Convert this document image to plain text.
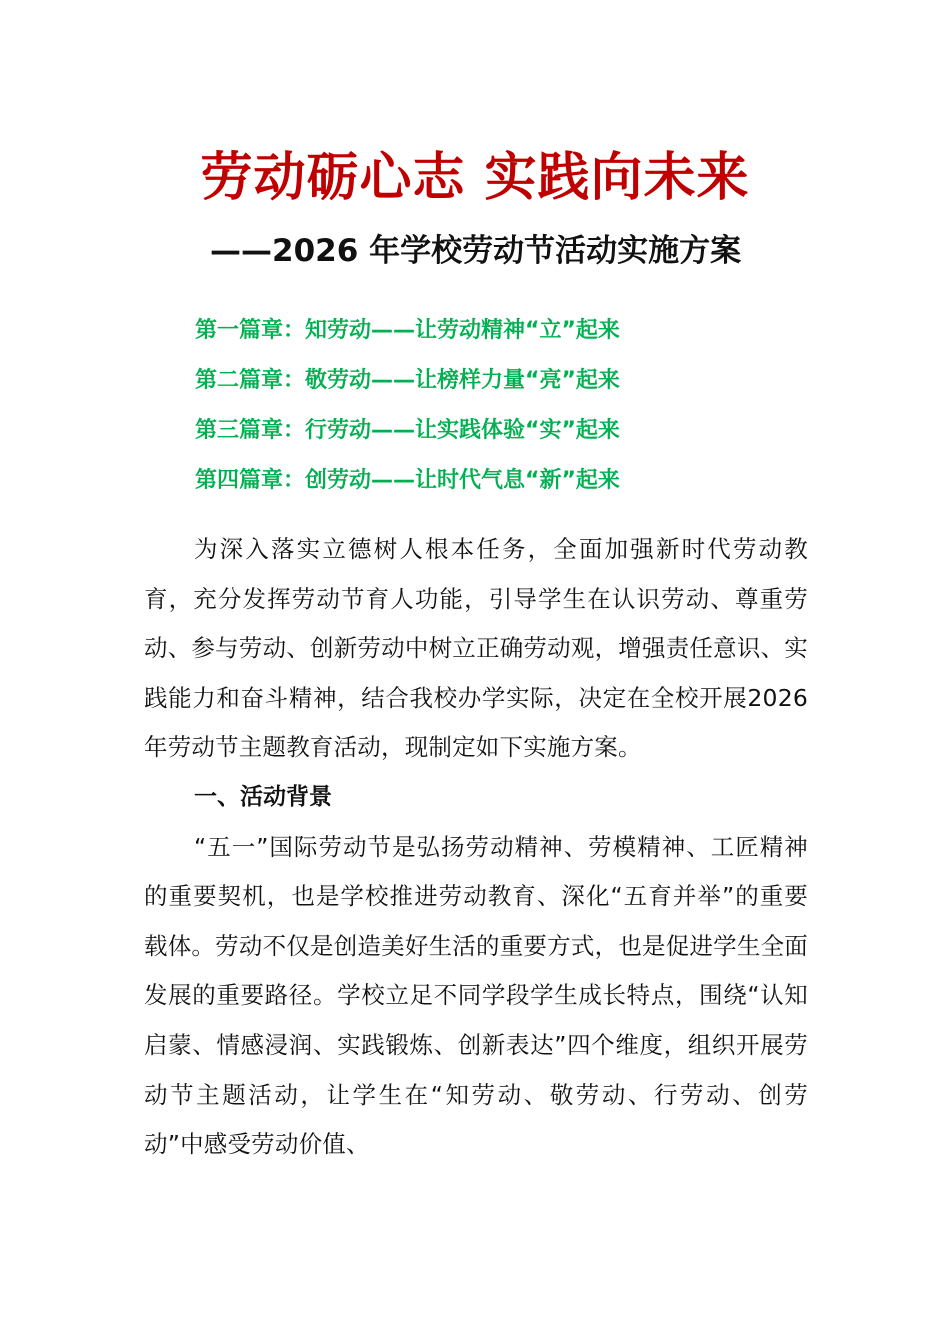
劳动砺心志 实践向未来
——2026 年学校劳动节活动实施方案
第一篇章：知劳动——让劳动精神“立”起来
第二篇章：敬劳动——让榜样力量“亮”起来
第三篇章：行劳动——让实践体验“实”起来
第四篇章：创劳动——让时代气息“新”起来

为深入落实立德树人根本任务，全面加强新时代劳动教育，充分发挥劳动节育人功能，引导学生在认识劳动、尊重劳动、参与劳动、创新劳动中树立正确劳动观，增强责任意识、实践能力和奋斗精神，结合我校办学实际，决定在全校开展2026 年劳动节主题教育活动，现制定如下实施方案。

一、活动背景

“五一”国际劳动节是弘扬劳动精神、劳模精神、工匠精神的重要契机，也是学校推进劳动教育、深化“五育并举”的重要载体。劳动不仅是创造美好生活的重要方式，也是促进学生全面发展的重要路径。学校立足不同学段学生成长特点，围绕“认知启蒙、情感浸润、实践锻炼、创新表达”四个维度，组织开展劳动节主题活动，让学生在“知劳动、敬劳动、行劳动、创劳动”中感受劳动价值、
